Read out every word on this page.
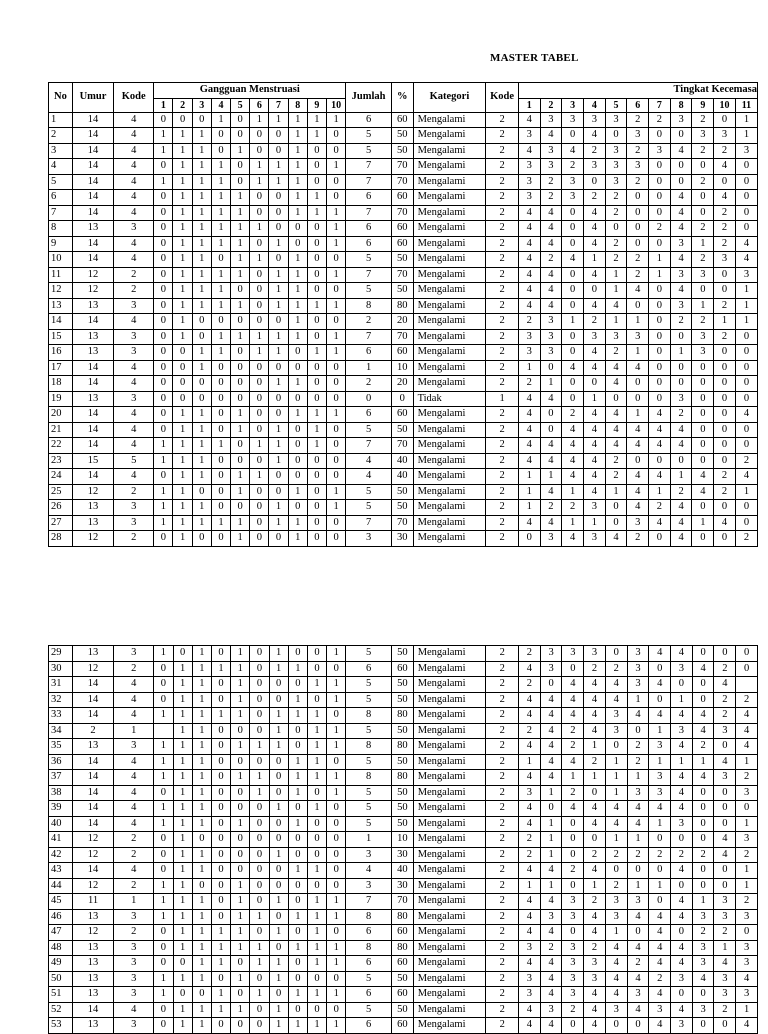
MASTER TABEL
No	Umur	Kode	Gangguan Menstruasi										Jumlah	%	Kategori	Kode	Tingkat Kecemasa										
			1	2	3	4	5	6	7	8	9	10					1	2	3	4	5	6	7	8	9	10	11
1	14	4	0	0	0	1	0	1	1	1	1	1	6	60	Mengalami	2	4	3	3	3	3	2	2	3	2	0	1
2	14	4	1	1	1	0	0	0	0	1	1	0	5	50	Mengalami	2	3	4	0	4	0	3	0	0	3	3	1
3	14	4	1	1	1	0	1	0	0	1	0	0	5	50	Mengalami	2	4	3	4	2	3	2	3	4	2	2	3
4	14	4	0	1	1	1	0	1	1	1	0	1	7	70	Mengalami	2	3	3	2	3	3	3	0	0	0	4	0
5	14	4	1	1	1	1	0	1	1	1	0	0	7	70	Mengalami	2	3	2	3	0	3	2	0	0	2	0	0
6	14	4	0	1	1	1	1	0	0	1	1	0	6	60	Mengalami	2	3	2	3	2	2	0	0	4	0	4	0
7	14	4	0	1	1	1	1	0	0	1	1	1	7	70	Mengalami	2	4	4	0	4	2	0	0	4	0	2	0
8	13	3	0	1	1	1	1	1	0	0	0	1	6	60	Mengalami	2	4	4	0	4	0	0	2	4	2	2	0
9	14	4	0	1	1	1	1	0	1	0	0	1	6	60	Mengalami	2	4	4	0	4	2	0	0	3	1	2	4
10	14	4	0	1	1	0	1	1	0	1	0	0	5	50	Mengalami	2	4	2	4	1	2	2	1	4	2	3	4
11	12	2	0	1	1	1	1	0	1	1	0	1	7	70	Mengalami	2	4	4	0	4	1	2	1	3	3	0	3
12	12	2	0	1	1	1	0	0	1	1	0	0	5	50	Mengalami	2	4	4	0	0	1	4	0	4	0	0	1
13	13	3	0	1	1	1	1	0	1	1	1	1	8	80	Mengalami	2	4	4	0	4	4	0	0	3	1	2	1
14	14	4	0	1	0	0	0	0	0	1	0	0	2	20	Mengalami	2	2	3	1	2	1	1	0	2	2	1	1
15	13	3	0	1	0	1	1	1	1	1	0	1	7	70	Mengalami	2	3	3	0	3	3	3	0	0	3	2	0
16	13	3	0	0	1	1	0	1	1	0	1	1	6	60	Mengalami	2	3	3	0	4	2	1	0	1	3	0	0
17	14	4	0	0	1	0	0	0	0	0	0	0	1	10	Mengalami	2	1	0	4	4	4	4	0	0	0	0	0
18	14	4	0	0	0	0	0	0	1	1	0	0	2	20	Mengalami	2	2	1	0	0	4	0	0	0	0	0	0
19	13	3	0	0	0	0	0	0	0	0	0	0	0	0	Tidak	1	4	4	0	1	0	0	0	3	0	0	0
20	14	4	0	1	1	0	1	0	0	1	1	1	6	60	Mengalami	2	4	0	2	4	4	1	4	2	0	0	4
21	14	4	0	1	1	0	1	0	1	0	1	0	5	50	Mengalami	2	4	0	4	4	4	4	4	4	0	0	0
22	14	4	1	1	1	1	0	1	1	0	1	0	7	70	Mengalami	2	4	4	4	4	4	4	4	4	0	0	0
23	15	5	1	1	1	0	0	0	1	0	0	0	4	40	Mengalami	2	4	4	4	4	2	0	0	0	0	0	2
24	14	4	0	1	1	0	1	1	0	0	0	0	4	40	Mengalami	2	1	1	4	4	2	4	4	1	4	2	4
25	12	2	1	1	0	0	1	0	0	1	0	1	5	50	Mengalami	2	1	4	1	4	1	4	1	2	4	2	1
26	13	3	1	1	1	0	0	0	1	0	0	1	5	50	Mengalami	2	1	2	2	3	0	4	2	4	0	0	0
27	13	3	1	1	1	1	1	0	1	1	0	0	7	70	Mengalami	2	4	4	1	1	0	3	4	4	1	4	0
28	12	2	0	1	0	0	1	0	0	1	0	0	3	30	Mengalami	2	0	3	4	3	4	2	0	4	0	0	2
29	13	3	1	0	1	0	1	0	1	0	0	1	5	50	Mengalami	2	2	3	3	3	0	3	4	4	0	0	0
30	12	2	0	1	1	1	1	0	1	1	0	0	6	60	Mengalami	2	4	3	0	2	2	3	0	3	4	2	0
31	14	4	0	1	1	0	1	0	0	0	1	1	5	50	Mengalami	2	2	0	4	4	4	3	4	0	0	4	
32	14	4	0	1	1	0	1	0	0	1	0	1	5	50	Mengalami	2	4	4	4	4	4	1	0	1	0	2	2
33	14	4	1	1	1	1	1	0	1	1	1	0	8	80	Mengalami	2	4	4	4	4	3	4	4	4	4	2	4
34	2	1		1	1	0	0	0	1	0	1	1	5	50	Mengalami	2	2	4	2	4	3	0	1	3	4	3	4
35	13	3	1	1	1	0	1	1	1	0	1	1	8	80	Mengalami	2	4	4	2	1	0	2	3	4	2	0	4
36	14	4	1	1	1	0	0	0	0	1	1	0	5	50	Mengalami	2	1	4	4	2	1	2	1	1	1	4	1
37	14	4	1	1	1	0	1	1	0	1	1	1	8	80	Mengalami	2	4	4	1	1	1	1	3	4	4	3	2
38	14	4	0	1	1	0	0	1	0	1	0	1	5	50	Mengalami	2	3	1	2	0	1	3	3	4	0	0	3
39	14	4	1	1	1	0	0	0	1	0	1	0	5	50	Mengalami	2	4	0	4	4	4	4	4	4	0	0	0
40	14	4	1	1	1	0	1	0	0	1	0	0	5	50	Mengalami	2	4	1	0	4	4	4	1	3	0	0	1
41	12	2	0	1	0	0	0	0	0	0	0	0	1	10	Mengalami	2	2	1	0	0	1	1	0	0	0	4	3
42	12	2	0	1	1	0	0	0	1	0	0	0	3	30	Mengalami	2	2	1	0	2	2	2	2	2	2	4	2
43	14	4	0	1	1	0	0	0	0	1	1	0	4	40	Mengalami	2	4	4	2	4	0	0	0	4	0	0	1
44	12	2	1	1	0	0	1	0	0	0	0	0	3	30	Mengalami	2	1	1	0	1	2	1	1	0	0	0	1
45	11	1	1	1	1	0	1	0	1	0	1	1	7	70	Mengalami	2	4	4	3	2	3	3	0	4	1	3	2
46	13	3	1	1	1	0	1	1	0	1	1	1	8	80	Mengalami	2	4	3	3	4	3	4	4	4	3	3	3
47	12	2	0	1	1	1	1	0	1	0	1	0	6	60	Mengalami	2	4	4	0	4	1	0	4	0	2	2	0
48	13	3	0	1	1	1	1	1	0	1	1	1	8	80	Mengalami	2	3	2	3	2	4	4	4	4	3	1	3
49	13	3	0	0	1	1	0	1	1	0	1	1	6	60	Mengalami	2	4	4	3	3	4	2	4	4	3	4	3
50	13	3	1	1	1	0	1	0	1	0	0	0	5	50	Mengalami	2	3	4	3	3	4	4	2	3	4	3	4
51	13	3	1	0	0	1	0	1	0	1	1	1	6	60	Mengalami	2	3	4	3	4	4	3	4	0	0	3	3
52	14	4	0	1	1	1	1	0	1	0	0	0	5	50	Mengalami	2	4	3	2	4	3	4	3	4	3	2	1
53	13	3	0	1	1	0	0	0	1	1	1	1	6	60	Mengalami	2	4	4	0	4	0	0	4	3	0	0	4
